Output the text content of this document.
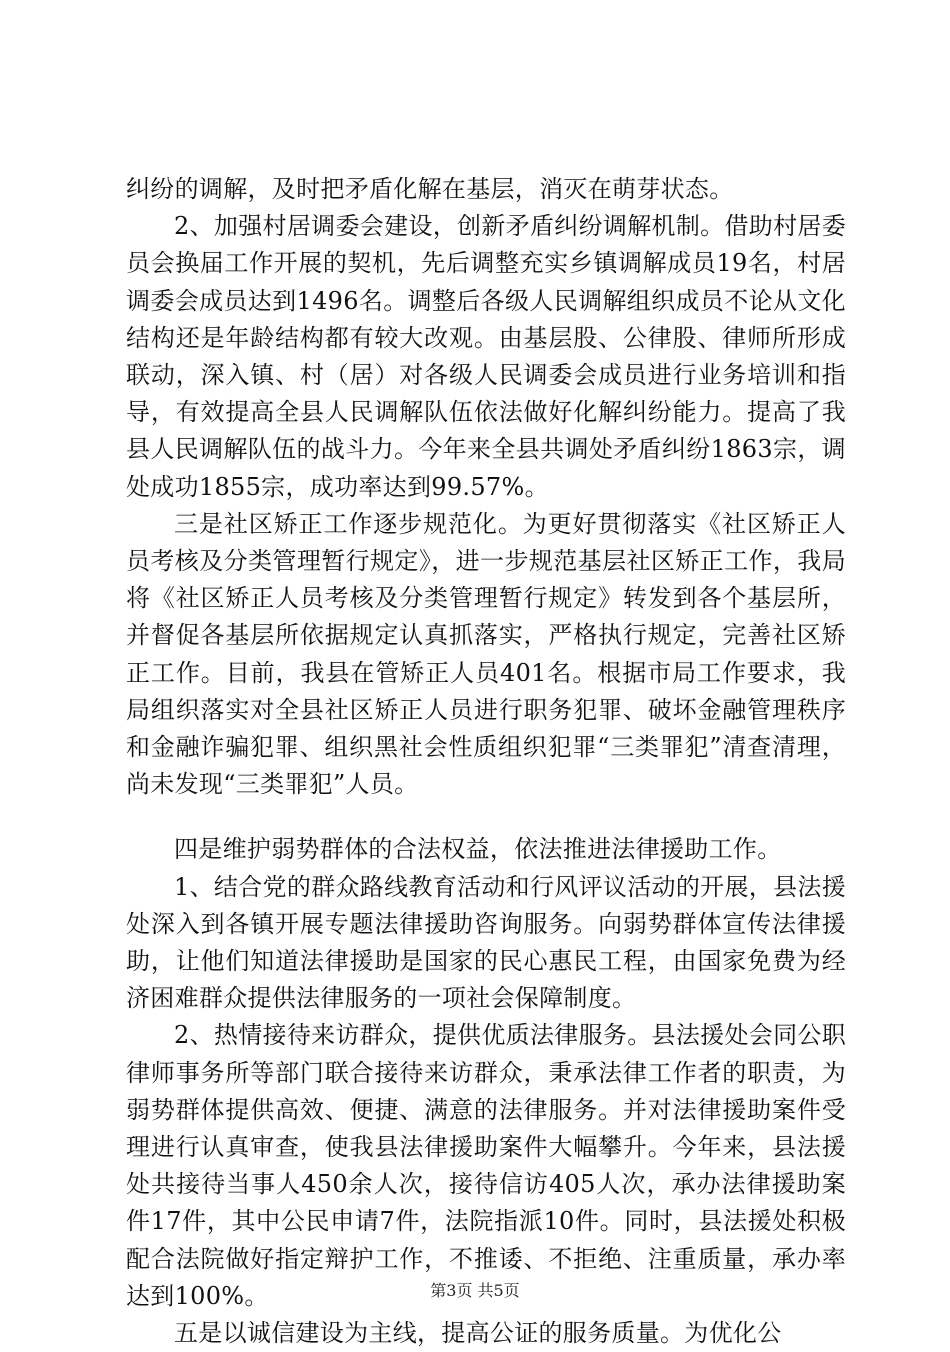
纠纷的调解，及时把矛盾化解在基层，消灭在萌芽状态。

2、加强村居调委会建设，创新矛盾纠纷调解机制。借助村居委员会换届工作开展的契机，先后调整充实乡镇调解成员19名，村居调委会成员达到1496名。调整后各级人民调解组织成员不论从文化结构还是年龄结构都有较大改观。由基层股、公律股、律师所形成联动，深入镇、村（居）对各级人民调委会成员进行业务培训和指导，有效提高全县人民调解队伍依法做好化解纠纷能力。提高了我县人民调解队伍的战斗力。今年来全县共调处矛盾纠纷1863宗，调处成功1855宗，成功率达到99.57%。

三是社区矫正工作逐步规范化。为更好贯彻落实《社区矫正人员考核及分类管理暂行规定》，进一步规范基层社区矫正工作，我局将《社区矫正人员考核及分类管理暂行规定》转发到各个基层所，并督促各基层所依据规定认真抓落实，严格执行规定，完善社区矫正工作。目前，我县在管矫正人员401名。根据市局工作要求，我局组织落实对全县社区矫正人员进行职务犯罪、破坏金融管理秩序和金融诈骗犯罪、组织黑社会性质组织犯罪“三类罪犯”清查清理，尚未发现“三类罪犯”人员。

四是维护弱势群体的合法权益，依法推进法律援助工作。

1、结合党的群众路线教育活动和行风评议活动的开展，县法援处深入到各镇开展专题法律援助咨询服务。向弱势群体宣传法律援助，让他们知道法律援助是国家的民心惠民工程，由国家免费为经济困难群众提供法律服务的一项社会保障制度。

2、热情接待来访群众，提供优质法律服务。县法援处会同公职律师事务所等部门联合接待来访群众，秉承法律工作者的职责，为弱势群体提供高效、便捷、满意的法律服务。并对法律援助案件受理进行认真审查，使我县法律援助案件大幅攀升。今年来，县法援处共接待当事人450余人次，接待信访405人次，承办法律援助案件17件，其中公民申请7件，法院指派10件。同时，县法援处积极配合法院做好指定辩护工作，不推诿、不拒绝、注重质量，承办率达到100%。

五是以诚信建设为主线，提高公证的服务质量。为优化公

第3页 共5页
